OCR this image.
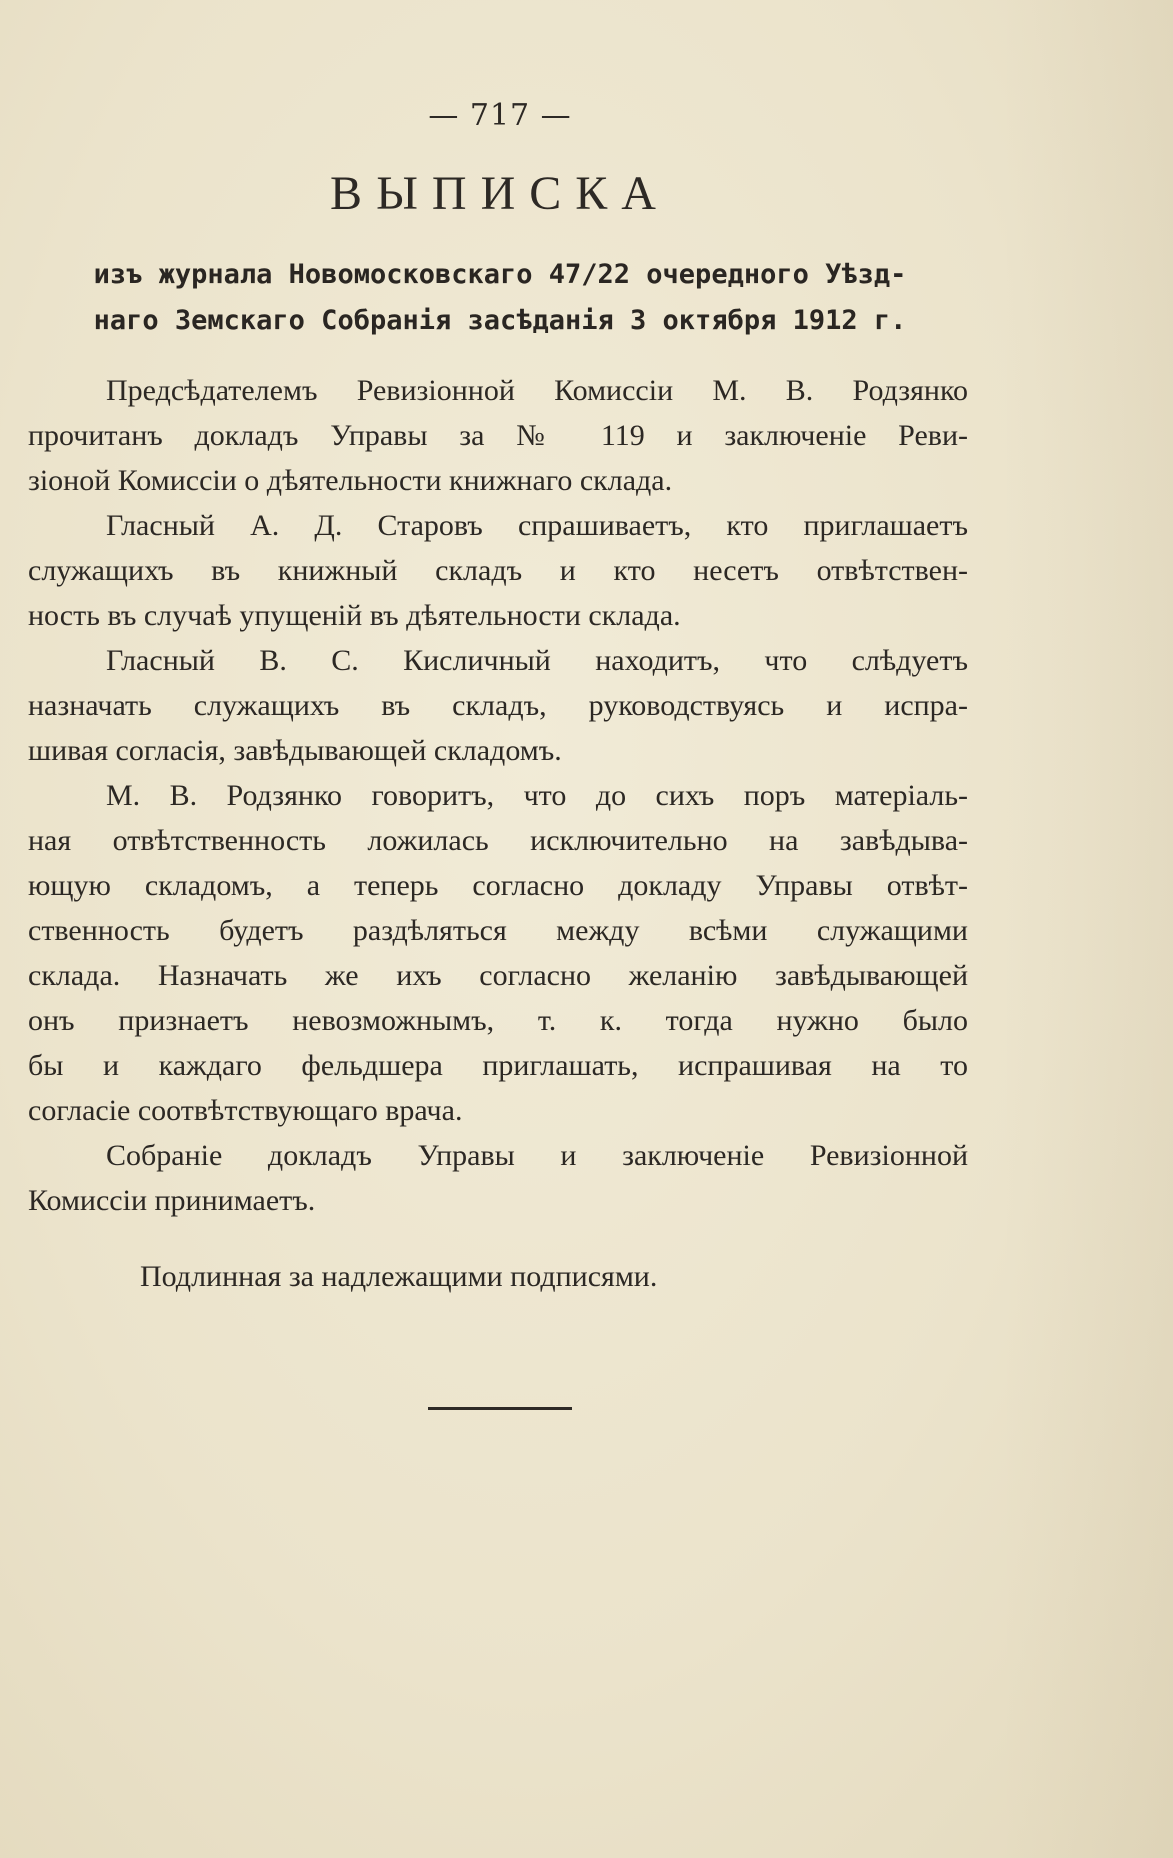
— 717 —
ВЫПИСКА
изъ журнала Новомосковскаго 47/22 очередного Уѣзд-
наго Земскаго Собранія засѣданія 3 октября 1912 г.
Предсѣдателемъ Ревизіонной Комиссіи М. В. Родзянко
прочитанъ докладъ Управы за № 119 и заключеніе Реви-
зіоной Комиссіи о дѣятельности книжнаго склада.
Гласный А. Д. Старовъ спрашиваетъ, кто приглашаетъ
служащихъ въ книжный складъ и кто несетъ отвѣтствен-
ность въ случаѣ упущеній въ дѣятельности склада.
Гласный В. С. Кисличный находитъ, что слѣдуетъ
назначать служащихъ въ складъ, руководствуясь и испра-
шивая согласія, завѣдывающей складомъ.
М. В. Родзянко говоритъ, что до сихъ поръ матеріаль-
ная отвѣтственность ложилась исключительно на завѣдыва-
ющую складомъ, а теперь согласно докладу Управы отвѣт-
ственность будетъ раздѣляться между всѣми служащими
склада. Назначать же ихъ согласно желанію завѣдывающей
онъ признаетъ невозможнымъ, т. к. тогда нужно было
бы и каждаго фельдшера приглашать, испрашивая на то
согласіе соотвѣтствующаго врача.
Собраніе докладъ Управы и заключеніе Ревизіонной
Комиссіи принимаетъ.
Подлинная за надлежащими подписями.
